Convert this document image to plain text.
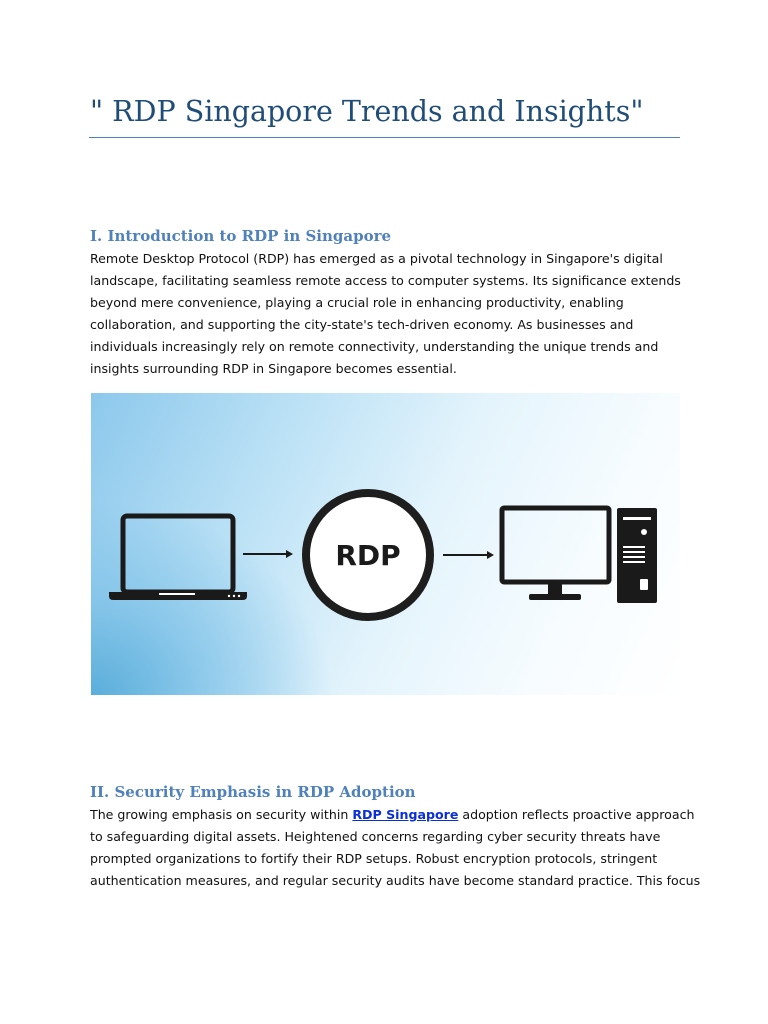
" RDP Singapore Trends and Insights"
I. Introduction to RDP in Singapore

Remote Desktop Protocol (RDP) has emerged as a pivotal technology in Singapore's digital
landscape, facilitating seamless remote access to computer systems. Its significance extends
beyond mere convenience, playing a crucial role in enhancing productivity, enabling
collaboration, and supporting the city-state's tech-driven economy. As businesses and
individuals increasingly rely on remote connectivity, understanding the unique trends and
insights surrounding RDP in Singapore becomes essential.

RDP
II. Security Emphasis in RDP Adoption

The growing emphasis on security within RDP Singapore adoption reflects proactive approach
to safeguarding digital assets. Heightened concerns regarding cyber security threats have
prompted organizations to fortify their RDP setups. Robust encryption protocols, stringent
authentication measures, and regular security audits have become standard practice. This focus
